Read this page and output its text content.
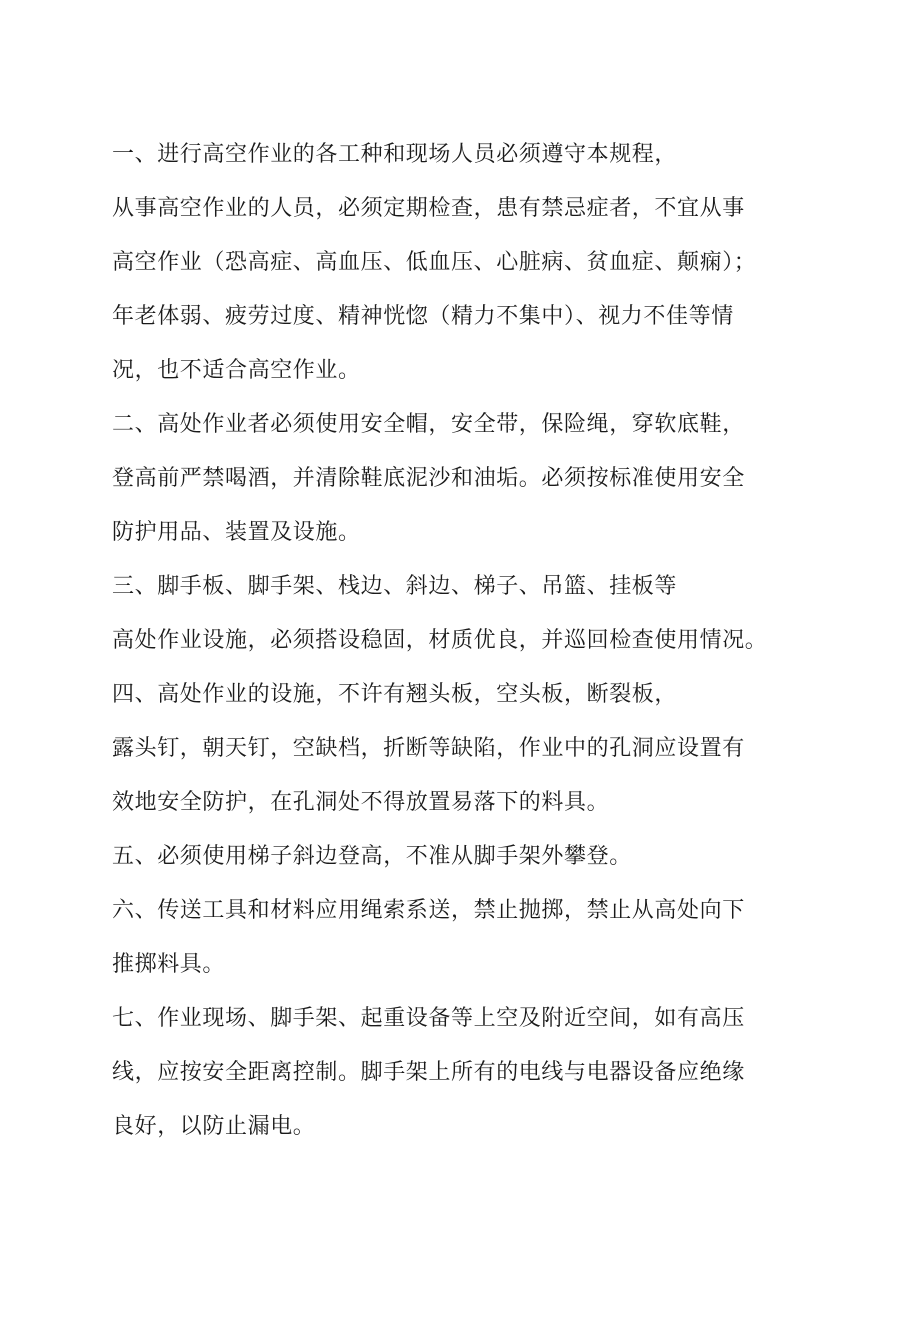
一、进行高空作业的各工种和现场人员必须遵守本规程，
从事高空作业的人员，必须定期检查，患有禁忌症者，不宜从事
高空作业（恐高症、高血压、低血压、心脏病、贫血症、颠痫）；
年老体弱、疲劳过度、精神恍惚（精力不集中）、视力不佳等情
况，也不适合高空作业。
二、高处作业者必须使用安全帽，安全带，保险绳，穿软底鞋，
登高前严禁喝酒，并清除鞋底泥沙和油垢。必须按标准使用安全
防护用品、装置及设施。
三、脚手板、脚手架、栈边、斜边、梯子、吊篮、挂板等
高处作业设施，必须搭设稳固，材质优良，并巡回检查使用情况。
四、高处作业的设施，不许有翘头板，空头板，断裂板，
露头钉，朝天钉，空缺档，折断等缺陷，作业中的孔洞应设置有
效地安全防护，在孔洞处不得放置易落下的料具。
五、必须使用梯子斜边登高，不准从脚手架外攀登。
六、传送工具和材料应用绳索系送，禁止抛掷，禁止从高处向下
推掷料具。
七、作业现场、脚手架、起重设备等上空及附近空间，如有高压
线，应按安全距离控制。脚手架上所有的电线与电器设备应绝缘
良好，以防止漏电。
